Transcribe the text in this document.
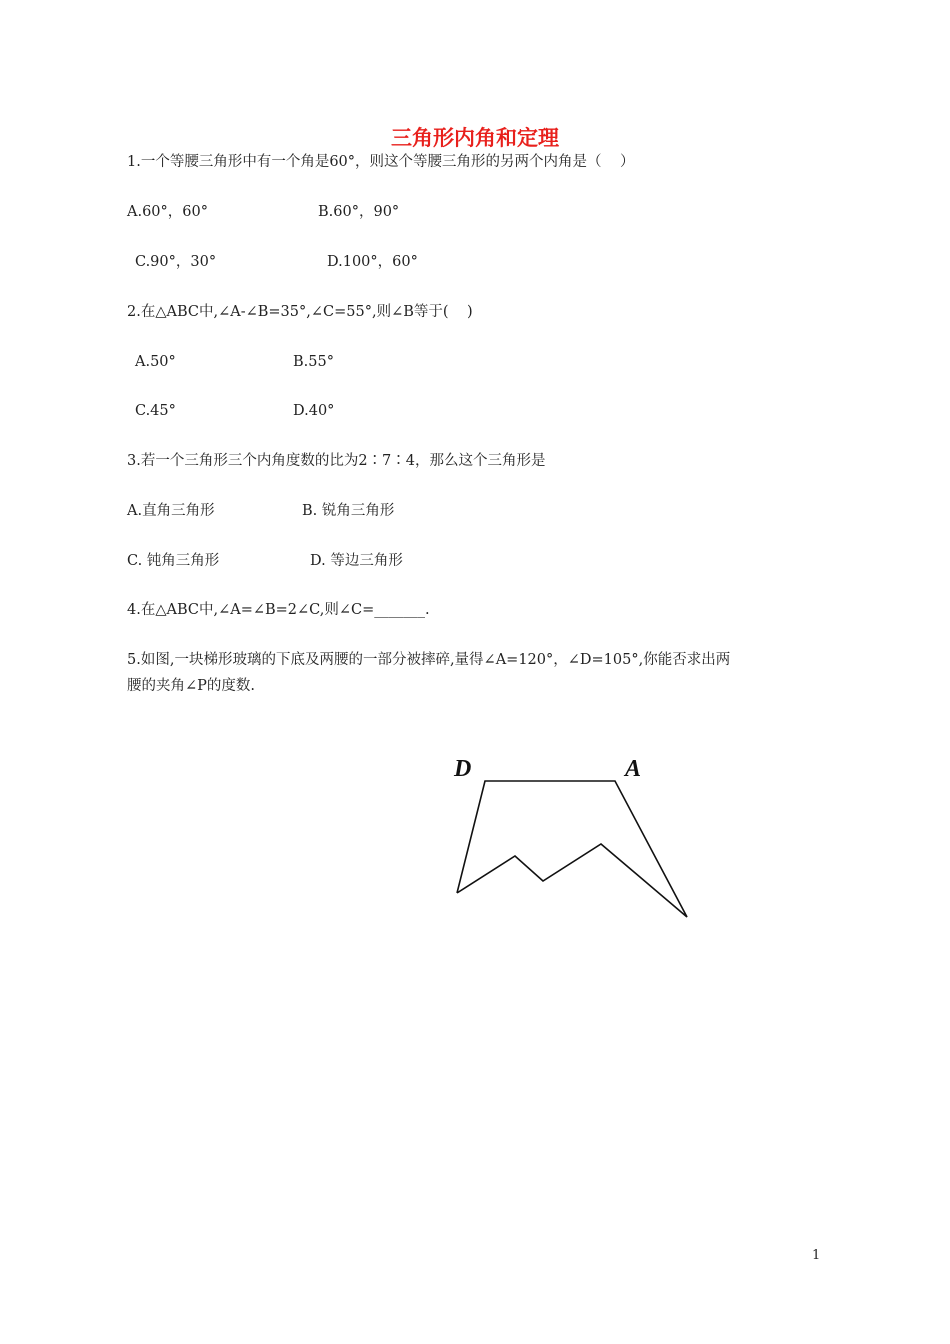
三角形内角和定理
1.一个等腰三角形中有一个角是60°，则这个等腰三角形的另两个内角是（    ）
A.60°，60°	B.60°，90°
C.90°，30°	D.100°，60°
2.在△ABC中,∠A-∠B=35°,∠C=55°,则∠B等于(    )
A.50°	B.55°
C.45°	D.40°
3.若一个三角形三个内角度数的比为2∶7∶4，那么这个三角形是
A.直角三角形	B. 锐角三角形
C. 钝角三角形	D. 等边三角形
4.在△ABC中,∠A=∠B=2∠C,则∠C=_______.
5.如图,一块梯形玻璃的下底及两腰的一部分被摔碎,量得∠A=120°，∠D=105°,你能否求出两
腰的夹角∠P的度数.
D	A
1
